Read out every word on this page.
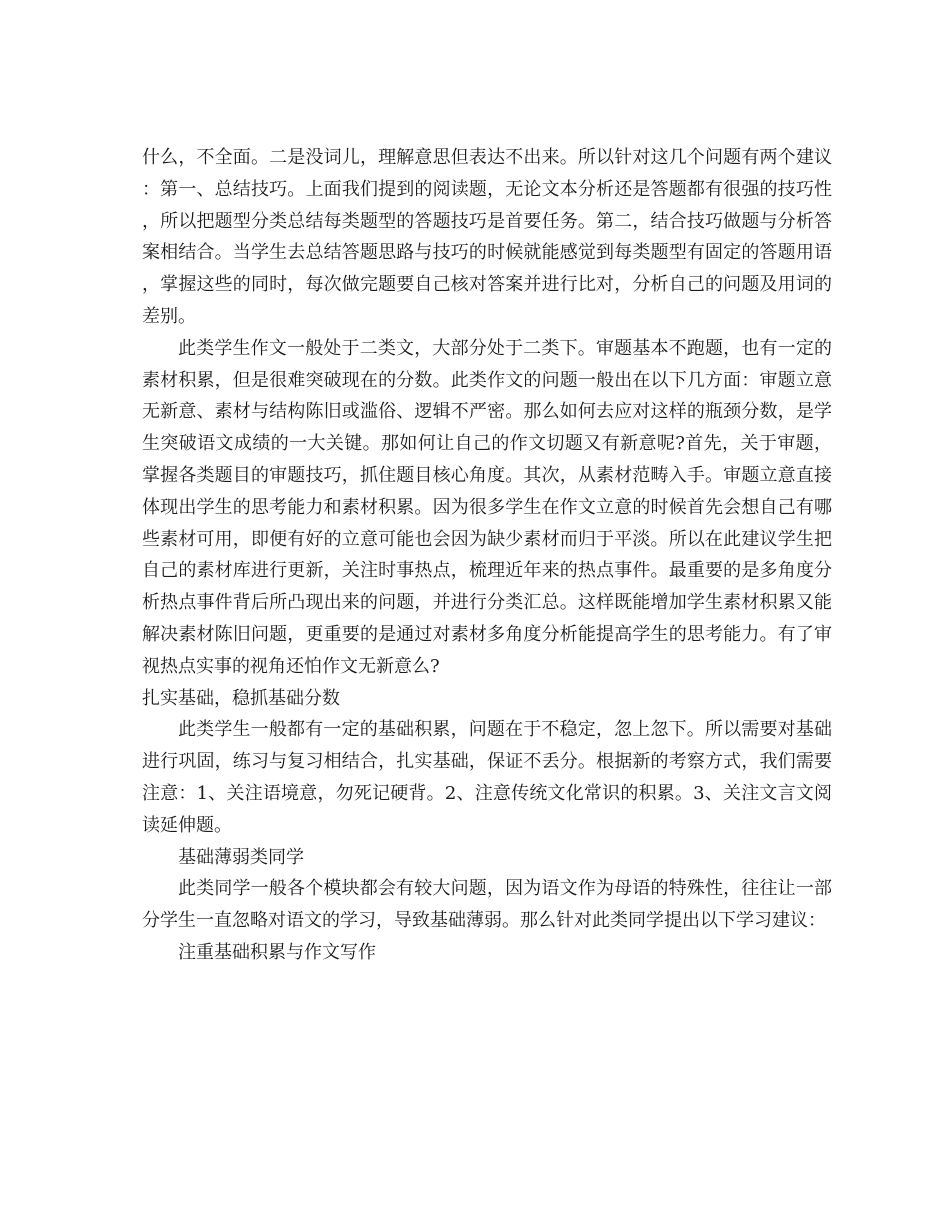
什么，不全面。二是没词儿，理解意思但表达不出来。所以针对这几个问题有两个建议：第一、总结技巧。上面我们提到的阅读题，无论文本分析还是答题都有很强的技巧性，所以把题型分类总结每类题型的答题技巧是首要任务。第二，结合技巧做题与分析答案相结合。当学生去总结答题思路与技巧的时候就能感觉到每类题型有固定的答题用语，掌握这些的同时，每次做完题要自己核对答案并进行比对，分析自己的问题及用词的差别。

此类学生作文一般处于二类文，大部分处于二类下。审题基本不跑题，也有一定的素材积累，但是很难突破现在的分数。此类作文的问题一般出在以下几方面：审题立意无新意、素材与结构陈旧或滥俗、逻辑不严密。那么如何去应对这样的瓶颈分数，是学生突破语文成绩的一大关键。那如何让自己的作文切题又有新意呢?首先，关于审题，掌握各类题目的审题技巧，抓住题目核心角度。其次，从素材范畴入手。审题立意直接体现出学生的思考能力和素材积累。因为很多学生在作文立意的时候首先会想自己有哪些素材可用，即便有好的立意可能也会因为缺少素材而归于平淡。所以在此建议学生把自己的素材库进行更新，关注时事热点，梳理近年来的热点事件。最重要的是多角度分析热点事件背后所凸现出来的问题，并进行分类汇总。这样既能增加学生素材积累又能解决素材陈旧问题，更重要的是通过对素材多角度分析能提高学生的思考能力。有了审视热点实事的视角还怕作文无新意么?

扎实基础，稳抓基础分数

此类学生一般都有一定的基础积累，问题在于不稳定，忽上忽下。所以需要对基础进行巩固，练习与复习相结合，扎实基础，保证不丢分。根据新的考察方式，我们需要注意：1、关注语境意，勿死记硬背。2、注意传统文化常识的积累。3、关注文言文阅读延伸题。

基础薄弱类同学

此类同学一般各个模块都会有较大问题，因为语文作为母语的特殊性，往往让一部分学生一直忽略对语文的学习，导致基础薄弱。那么针对此类同学提出以下学习建议：

注重基础积累与作文写作
